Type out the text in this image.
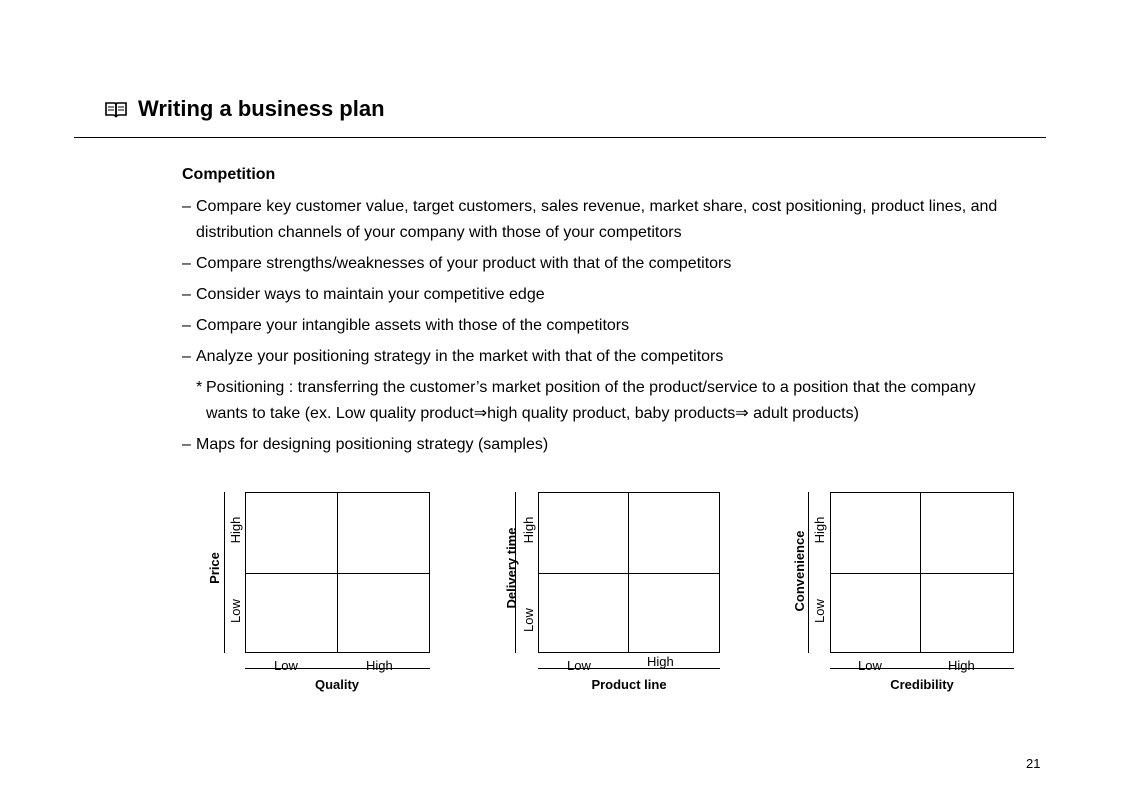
Writing a business plan
Competition
– Compare key customer value, target customers, sales revenue, market share, cost positioning, product lines, and distribution channels of your company with those of your competitors
– Compare strengths/weaknesses of your product with that of the competitors
– Consider ways to maintain your competitive edge
– Compare your intangible assets with those of the competitors
– Analyze your positioning strategy in the market with that of the competitors
* Positioning : transferring the customer’s market position of the product/service to a position that the company wants to take (ex. Low quality product⇒high quality product, baby products⇒ adult products)
– Maps for designing positioning strategy (samples)
High
Low
Price
Low	High
Quality
High
Low
Delivery time
Low	High
Product line
High
Low
Convenience
Low	High
Credibility
21
